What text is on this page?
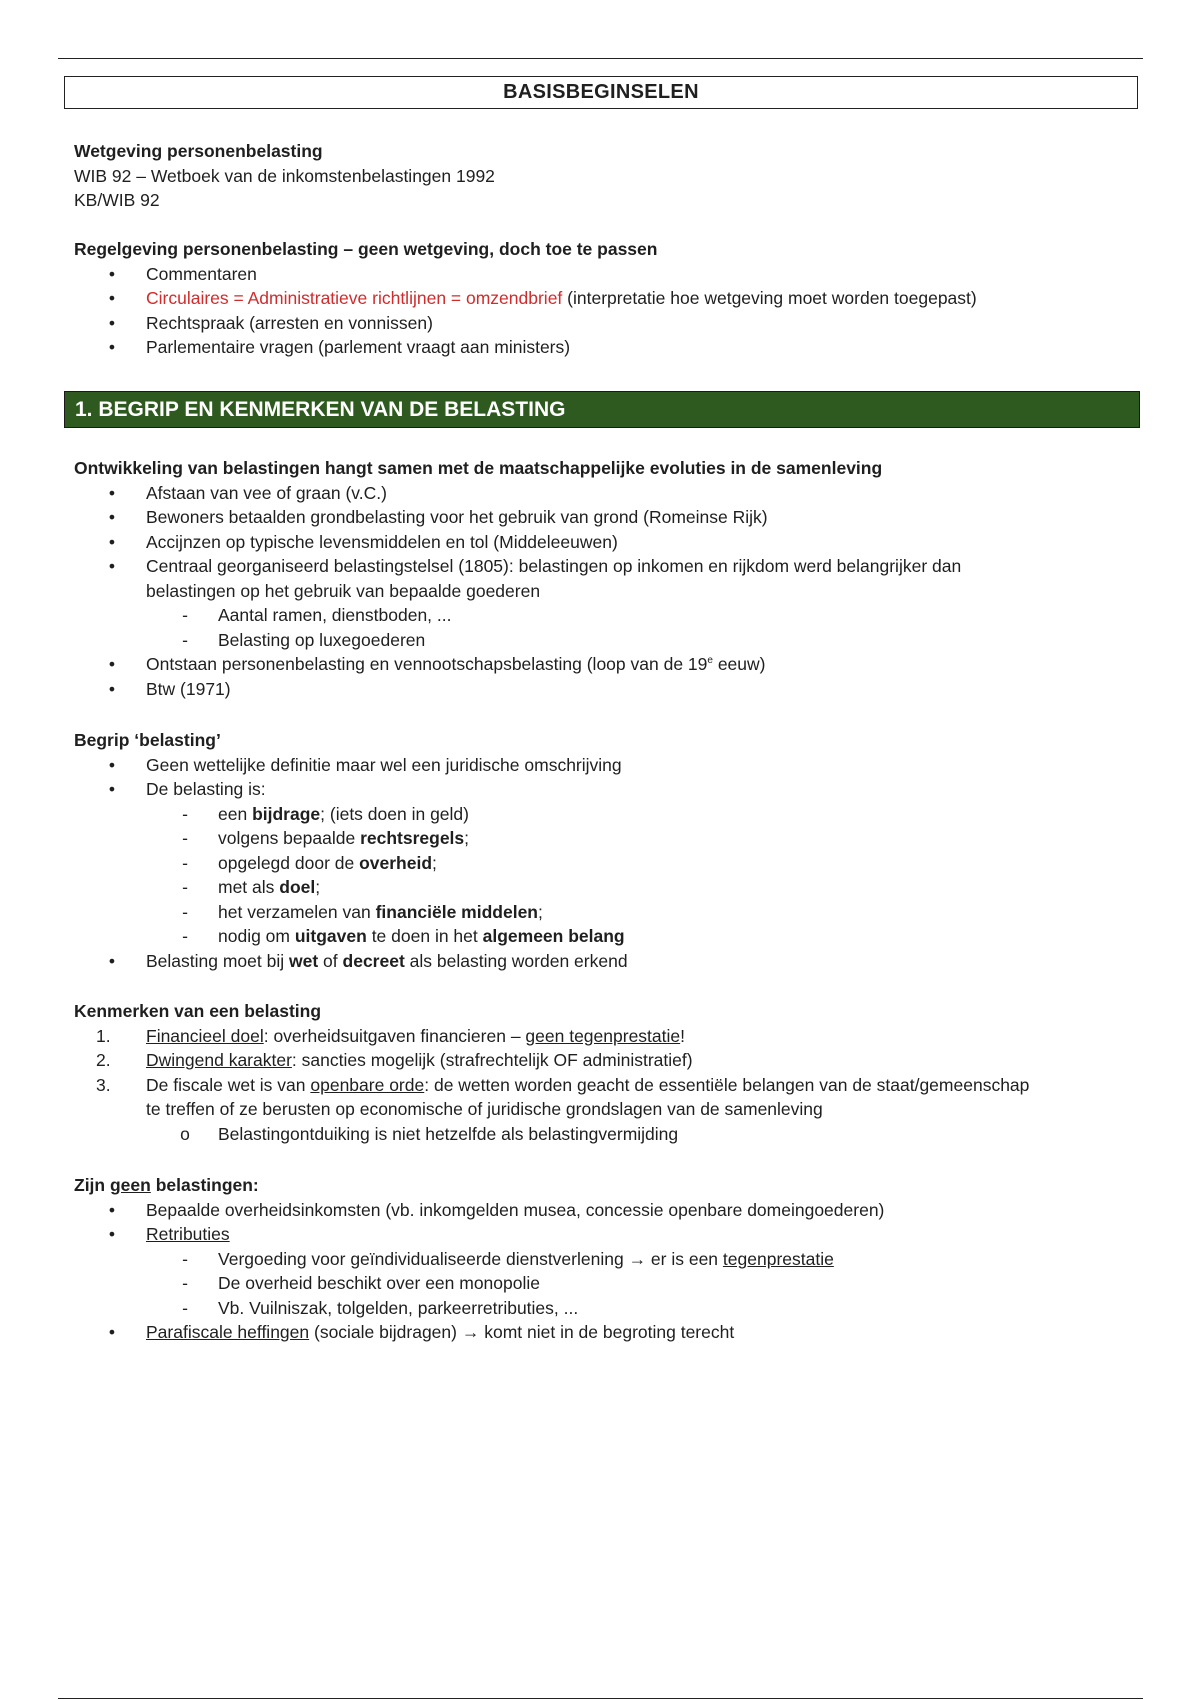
BASISBEGINSELEN
Wetgeving personenbelasting
WIB 92 – Wetboek van de inkomstenbelastingen 1992
KB/WIB 92
Regelgeving personenbelasting – geen wetgeving, doch toe te passen
•	Commentaren
•	Circulaires = Administratieve richtlijnen = omzendbrief (interpretatie hoe wetgeving moet worden toegepast)
•	Rechtspraak (arresten en vonnissen)
•	Parlementaire vragen (parlement vraagt aan ministers)
1. BEGRIP EN KENMERKEN VAN DE BELASTING
Ontwikkeling van belastingen hangt samen met de maatschappelijke evoluties in de samenleving
•	Afstaan van vee of graan (v.C.)
•	Bewoners betaalden grondbelasting voor het gebruik van grond (Romeinse Rijk)
•	Accijnzen op typische levensmiddelen en tol (Middeleeuwen)
•	Centraal georganiseerd belastingstelsel (1805): belastingen op inkomen en rijkdom werd belangrijker dan
belastingen op het gebruik van bepaalde goederen
-	Aantal ramen, dienstboden, ...
-	Belasting op luxegoederen
•	Ontstaan personenbelasting en vennootschapsbelasting (loop van de 19e eeuw)
•	Btw (1971)
Begrip ‘belasting’
•	Geen wettelijke definitie maar wel een juridische omschrijving
•	De belasting is:
-	een bijdrage; (iets doen in geld)
-	volgens bepaalde rechtsregels;
-	opgelegd door de overheid;
-	met als doel;
-	het verzamelen van financiële middelen;
-	nodig om uitgaven te doen in het algemeen belang
•	Belasting moet bij wet of decreet als belasting worden erkend
Kenmerken van een belasting
1.	Financieel doel: overheidsuitgaven financieren – geen tegenprestatie!
2.	Dwingend karakter: sancties mogelijk (strafrechtelijk OF administratief)
3.	De fiscale wet is van openbare orde: de wetten worden geacht de essentiële belangen van de staat/gemeenschap
te treffen of ze berusten op economische of juridische grondslagen van de samenleving
o Belastingontduiking is niet hetzelfde als belastingvermijding
Zijn geen belastingen:
•	Bepaalde overheidsinkomsten (vb. inkomgelden musea, concessie openbare domeingoederen)
•	Retributies
-	Vergoeding voor geïndividualiseerde dienstverlening → er is een tegenprestatie
-	De overheid beschikt over een monopolie
-	Vb. Vuilniszak, tolgelden, parkeerretributies, ...
•	Parafiscale heffingen (sociale bijdragen) → komt niet in de begroting terecht
